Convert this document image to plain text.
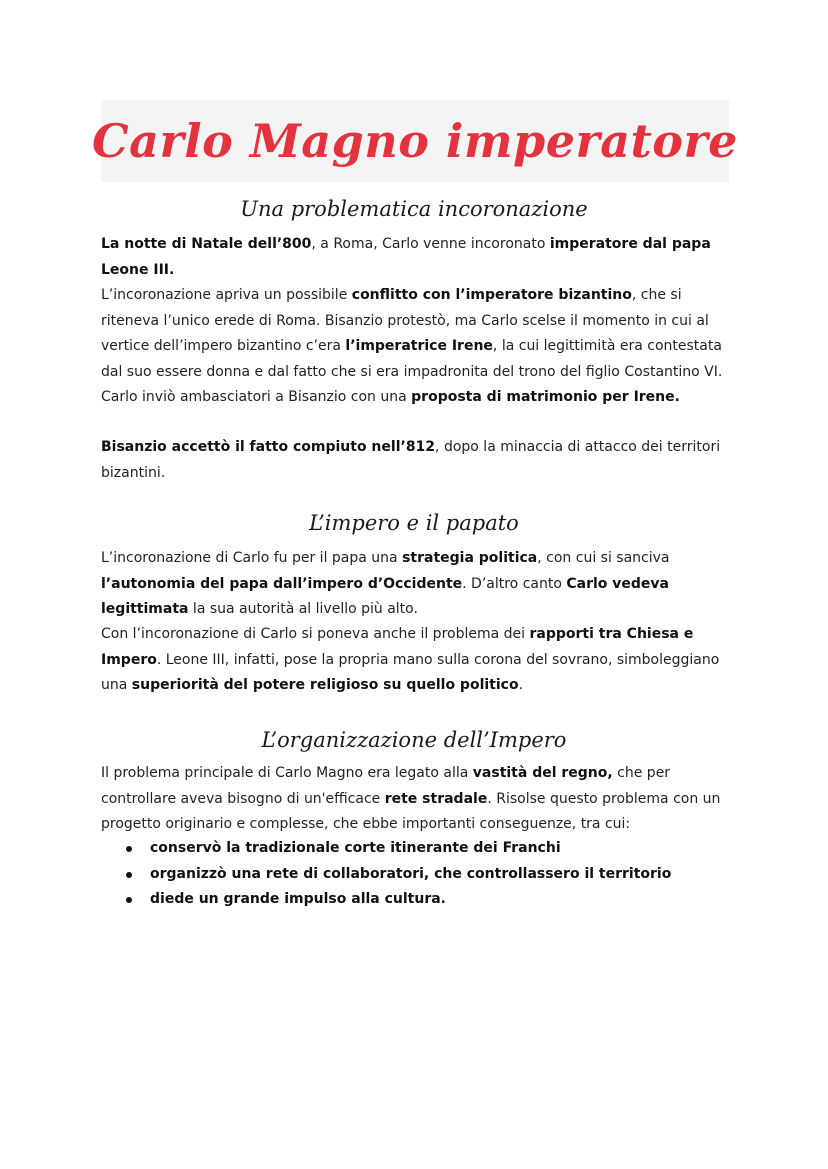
Carlo Magno imperatore
Una problematica incoronazione

La notte di Natale dell’800, a Roma, Carlo venne incoronato imperatore dal papa Leone III.

L’incoronazione apriva un possibile conflitto con l’imperatore bizantino, che si riteneva l’unico erede di Roma. Bisanzio protestò, ma Carlo scelse il momento in cui al vertice dell’impero bizantino c’era l’imperatrice Irene, la cui legittimità era contestata dal suo essere donna e dal fatto che si era impadronita del trono del figlio Costantino VI. Carlo inviò ambasciatori a Bisanzio con una proposta di matrimonio per Irene.

Bisanzio accettò il fatto compiuto nell’812, dopo la minaccia di attacco dei territori bizantini.

L’impero e il papato

L’incoronazione di Carlo fu per il papa una strategia politica, con cui si sanciva l’autonomia del papa dall’impero d’Occidente. D’altro canto Carlo vedeva legittimata la sua autorità al livello più alto.

Con l’incoronazione di Carlo si poneva anche il problema dei rapporti tra Chiesa e Impero. Leone III, infatti, pose la propria mano sulla corona del sovrano, simboleggiano una superiorità del potere religioso su quello politico.

L’organizzazione dell’Impero

Il problema principale di Carlo Magno era legato alla vastità del regno, che per controllare aveva bisogno di un'efficace rete stradale. Risolse questo problema con un progetto originario e complesse, che ebbe importanti conseguenze, tra cui:

conservò la tradizionale corte itinerante dei Franchi
organizzò una rete di collaboratori, che controllassero il territorio
diede un grande impulso alla cultura.
